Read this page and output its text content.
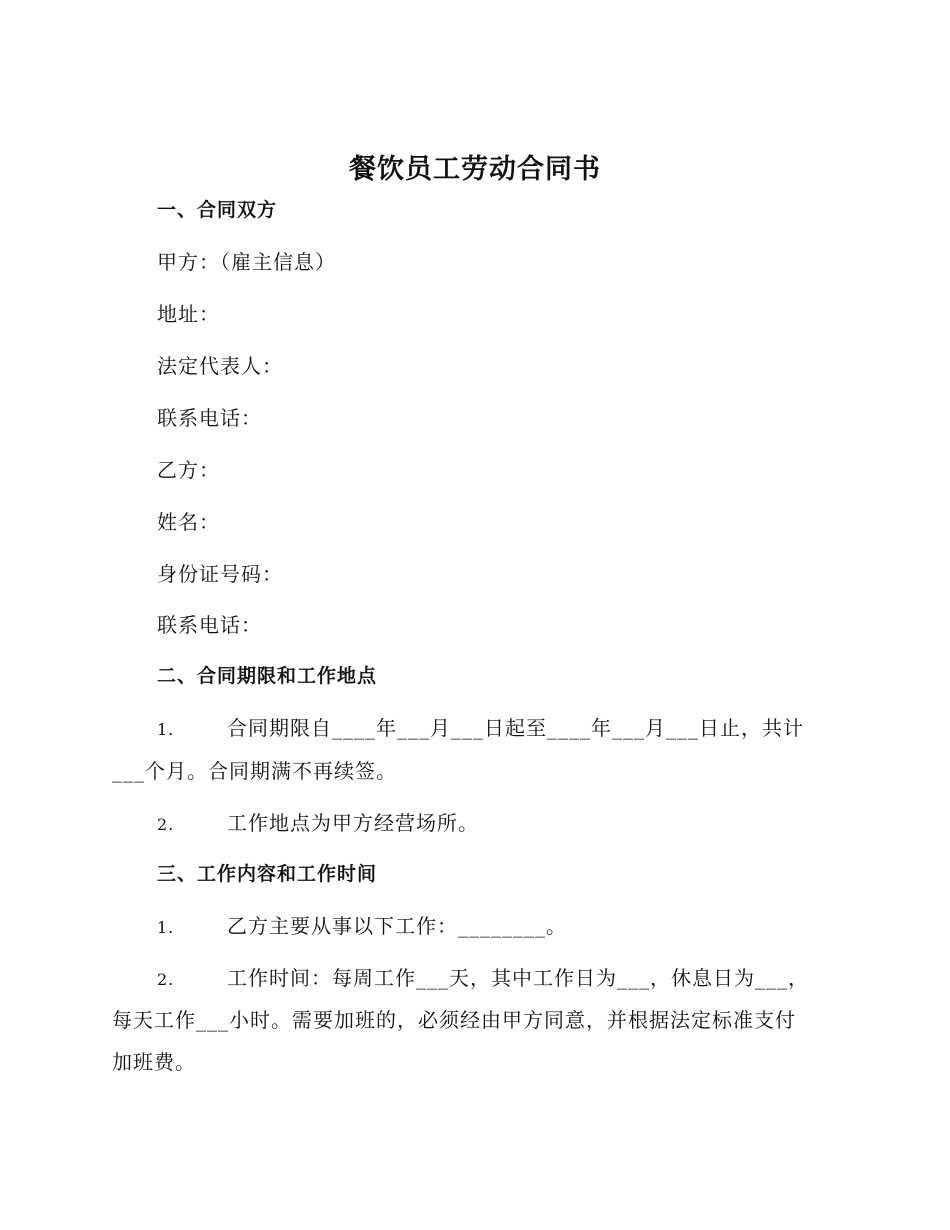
餐饮员工劳动合同书
一、合同双方
甲方：（雇主信息）
地址：
法定代表人：
联系电话：
乙方：
姓名：
身份证号码：
联系电话：
二、合同期限和工作地点
1.	合同期限自____年___月___日起至____年___月___日止，共计
___个月。合同期满不再续签。
2.	工作地点为甲方经营场所。
三、工作内容和工作时间
1.	乙方主要从事以下工作：________。
2.	工作时间：每周工作___天，其中工作日为___，休息日为___，
每天工作___小时。需要加班的，必须经由甲方同意，并根据法定标准支付
加班费。
